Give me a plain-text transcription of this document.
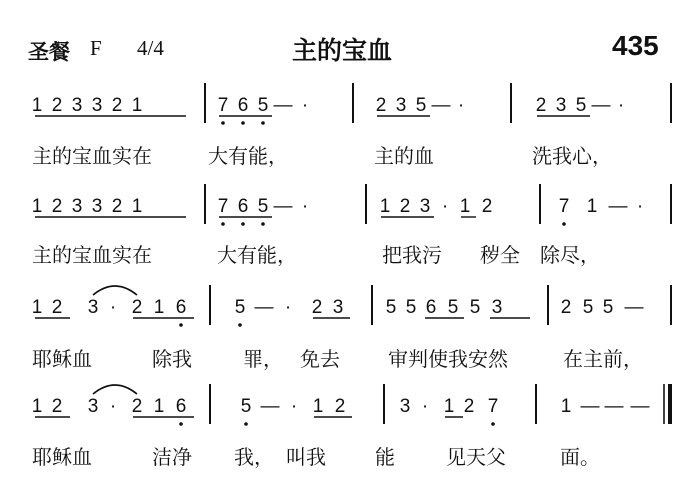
圣餐 F 4/4	主的宝血	435
1 2 3 3 2 1	7 6 5 — ·	2 3 5 — ·	2 3 5 — ·
主的宝血实在	大有能，	主的血	洗我心，
1 2 3 3 2 1	7 6 5 — ·	1 2 3 · 1 2	7 1 — ·
主的宝血实在	大有能，	把我污 秽全 除尽，
1 2 3 · 2 1 6	5 — · 2 3 5 5 6 5 5 3	2 5 5 —
耶稣血	除我	罪， 免去 审判使我安然	在主前，
1 2 3 · 2 1 6	5 — · 1 2	3 · 1 2 7	1 — — —
耶稣血	洁净 我， 叫我 能	见天父	面。
